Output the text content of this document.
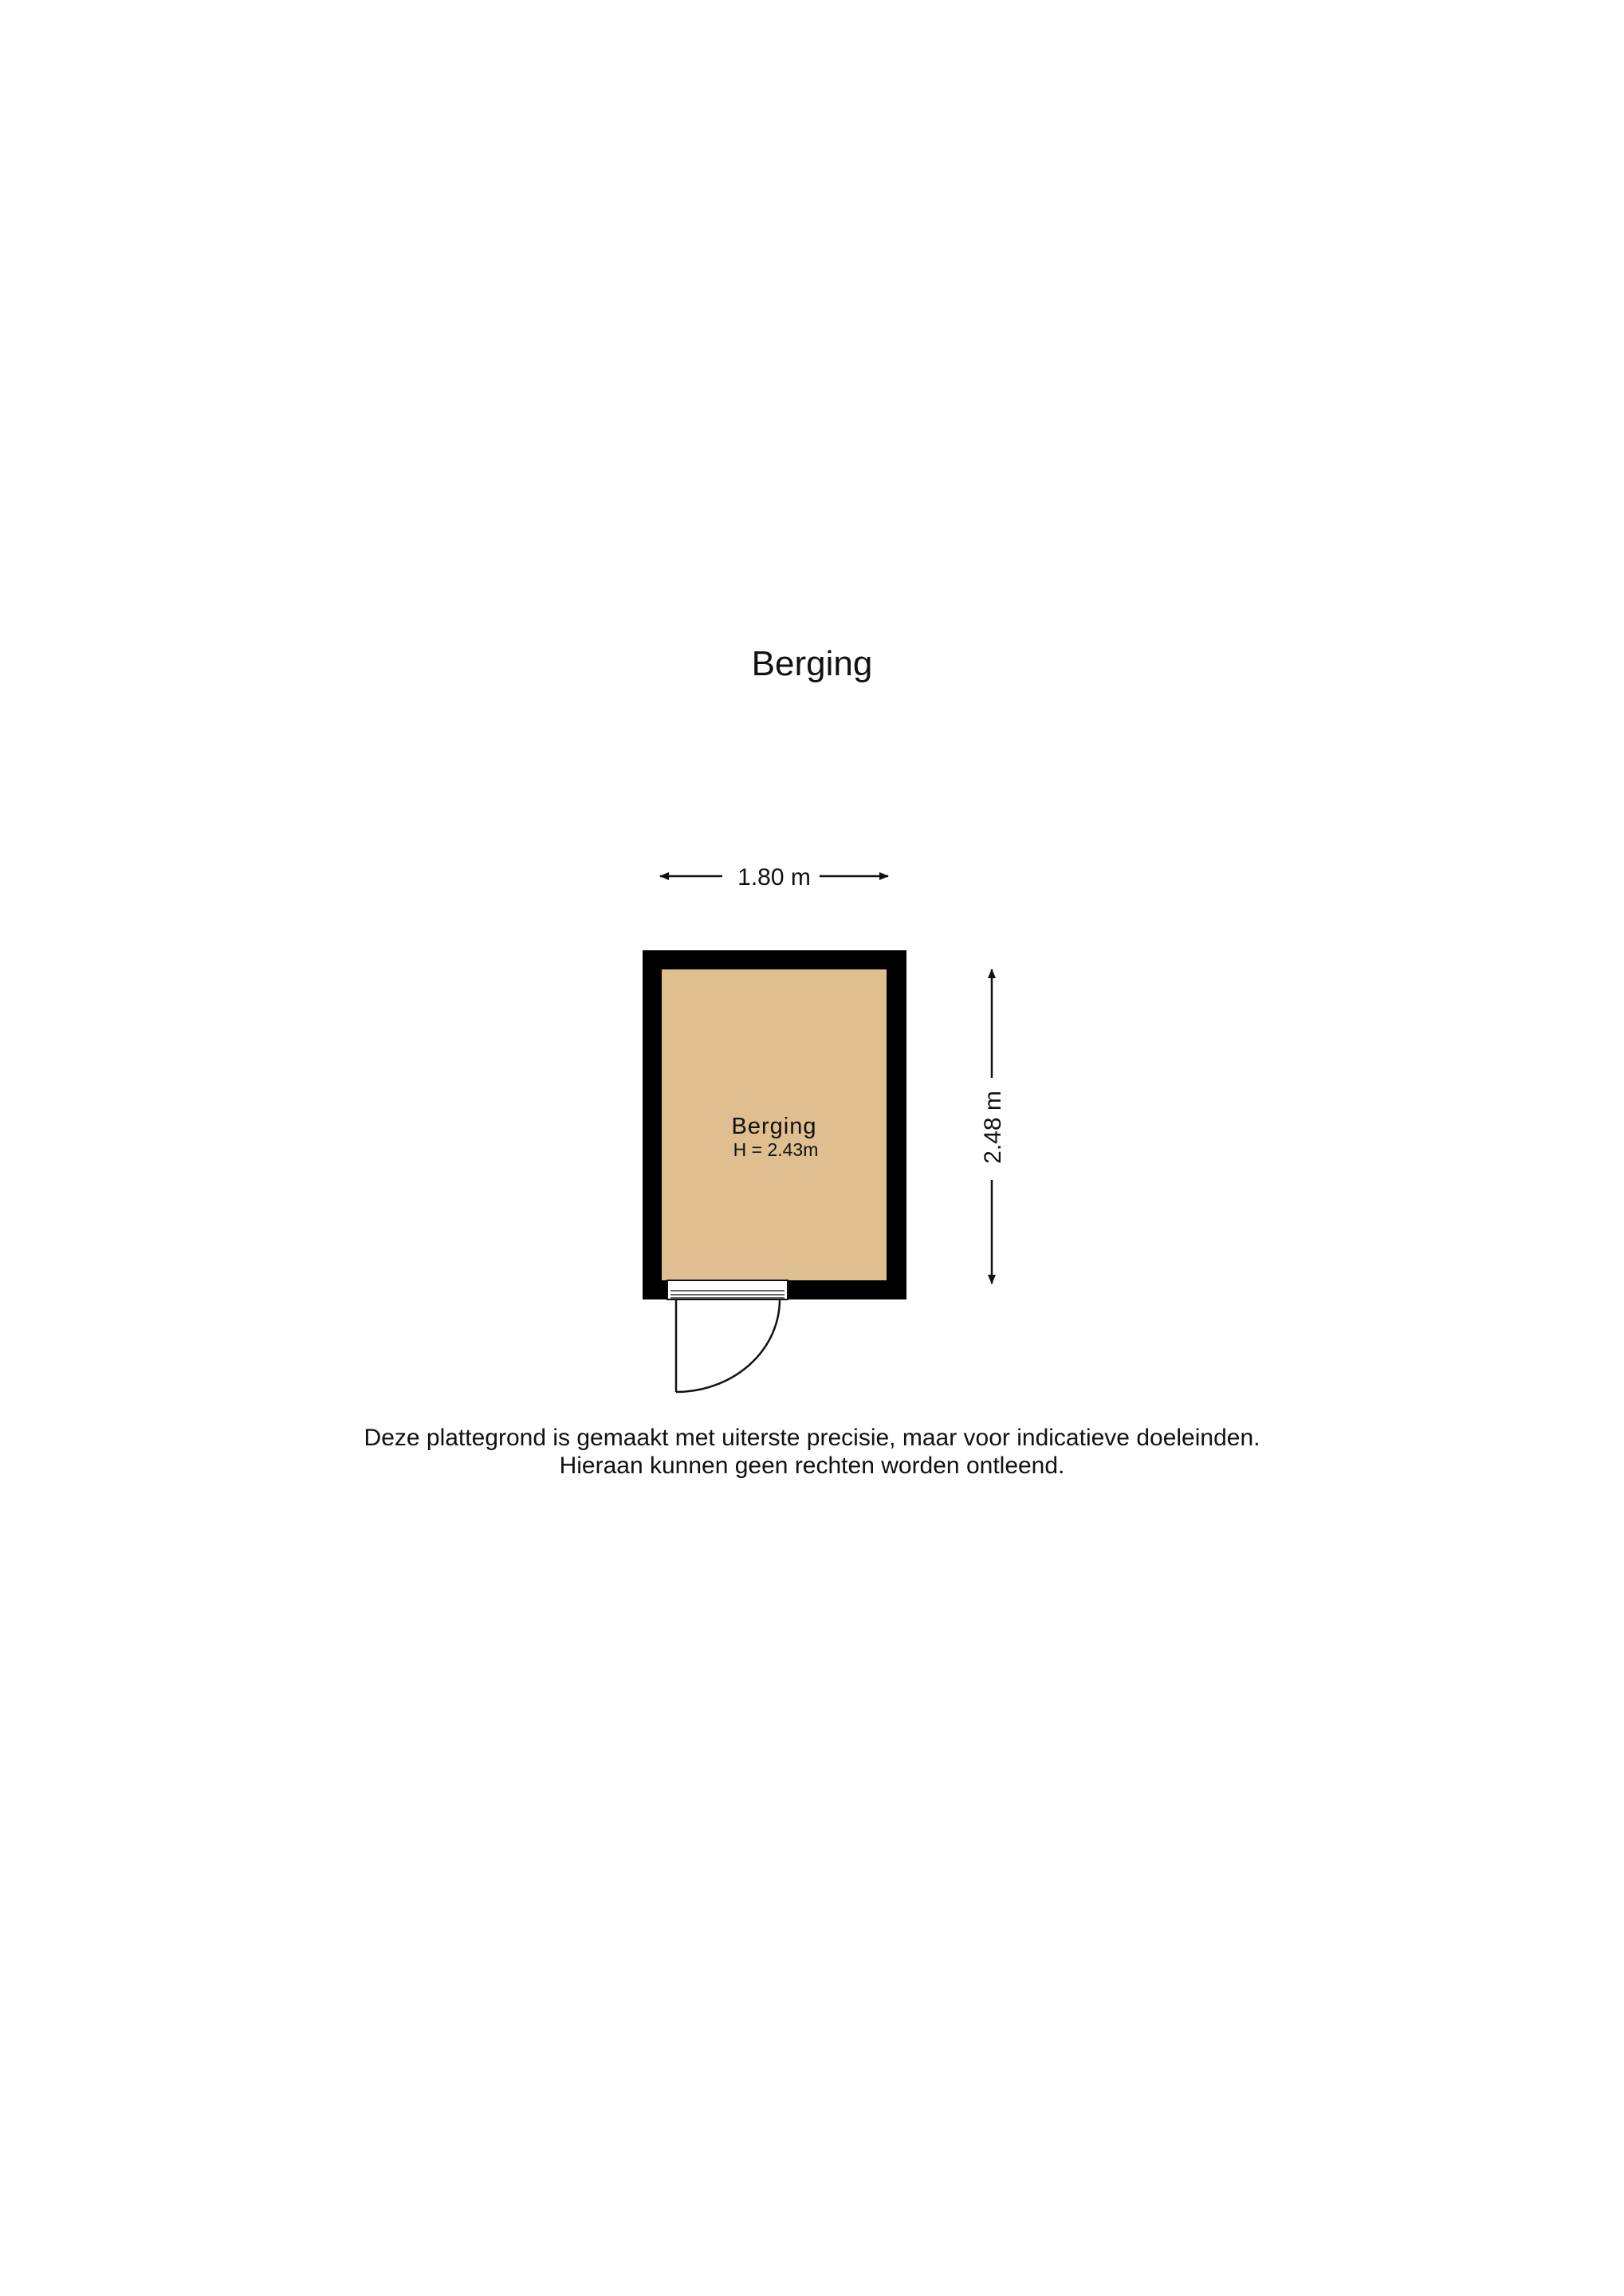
Berging
1.80 m
2.48 m
Berging
H = 2.43m
Deze plattegrond is gemaakt met uiterste precisie, maar voor indicatieve doeleinden.
Hieraan kunnen geen rechten worden ontleend.
